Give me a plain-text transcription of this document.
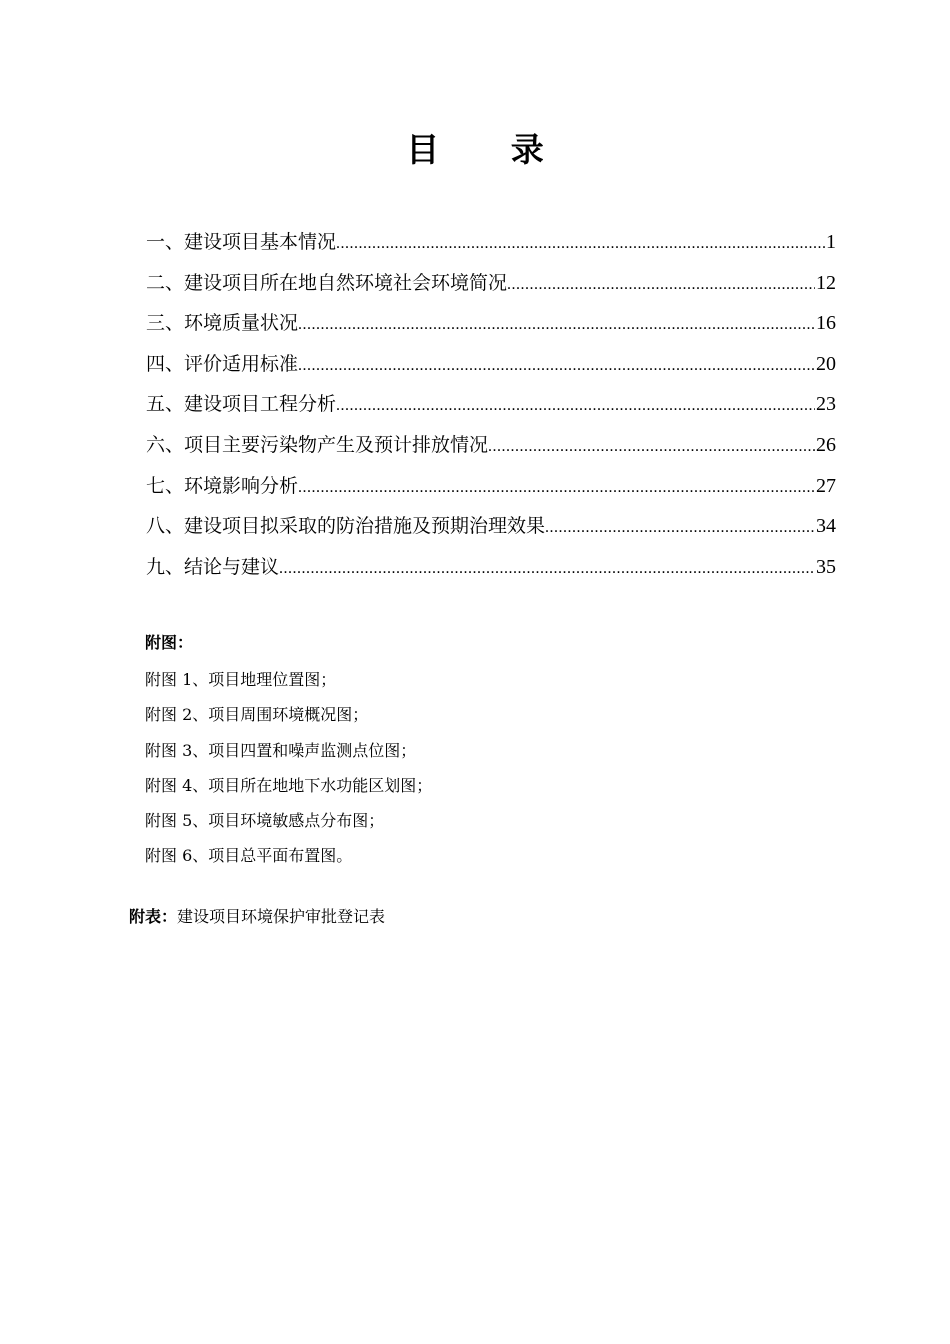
目 录
一、建设项目基本情况 .....	1
二、建设项目所在地自然环境社会环境简况 .....	12
三、环境质量状况 .....	16
四、评价适用标准 .....	20
五、建设项目工程分析 .....	23
六、项目主要污染物产生及预计排放情况 .....	26
七、环境影响分析 .....	27
八、建设项目拟采取的防治措施及预期治理效果 .....	34
九、结论与建议 .....	35
附图：
附图 1、项目地理位置图；
附图 2、项目周围环境概况图；
附图 3、项目四置和噪声监测点位图；
附图 4、项目所在地地下水功能区划图；
附图 5、项目环境敏感点分布图；
附图 6、项目总平面布置图。
附表：建设项目环境保护审批登记表
